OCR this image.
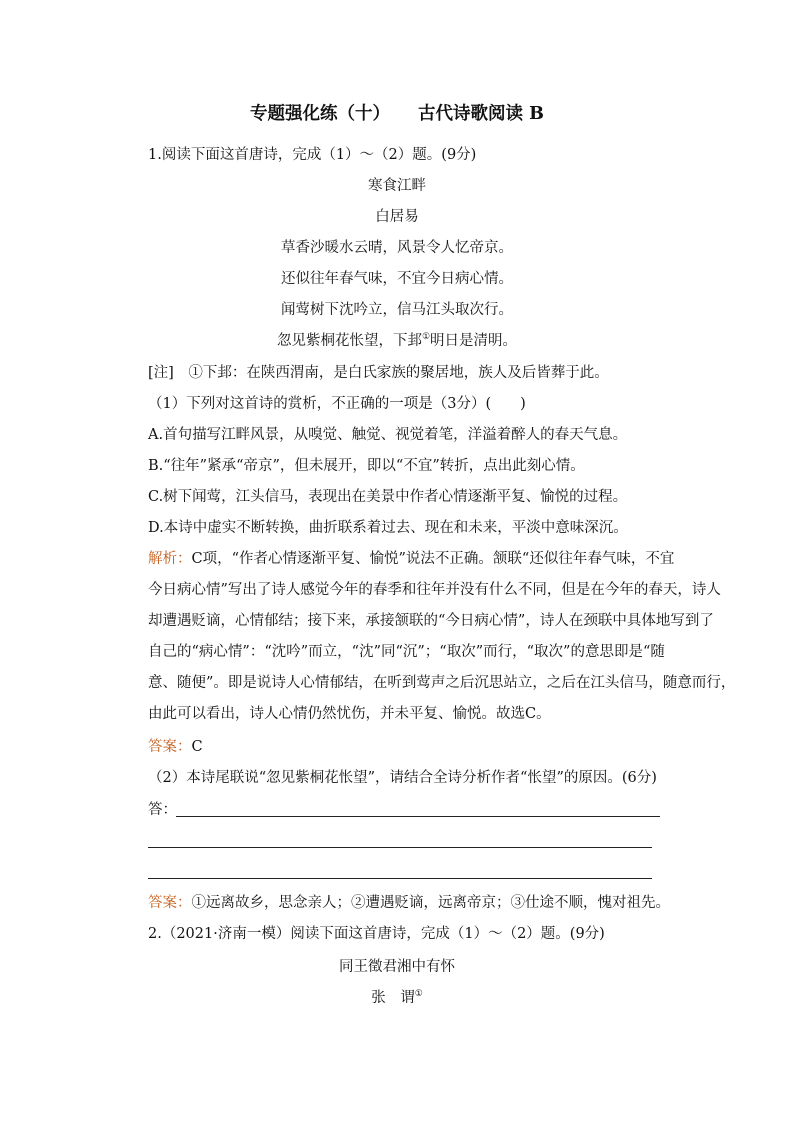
专题强化练（十） 古代诗歌阅读 B
1.阅读下面这首唐诗，完成（1）～（2）题。(9分)
寒食江畔
白居易
草香沙暖水云晴，风景令人忆帝京。
还似往年春气味，不宜今日病心情。
闻莺树下沈吟立，信马江头取次行。
忽见紫桐花怅望，下邽①明日是清明。
[注]　①下邽：在陕西渭南，是白氏家族的聚居地，族人及后皆葬于此。
（1）下列对这首诗的赏析，不正确的一项是（3分）(　　)
A.首句描写江畔风景，从嗅觉、触觉、视觉着笔，洋溢着醉人的春天气息。
B.“往年”紧承“帝京”，但未展开，即以“不宜”转折，点出此刻心情。
C.树下闻莺，江头信马，表现出在美景中作者心情逐渐平复、愉悦的过程。
D.本诗中虚实不断转换，曲折联系着过去、现在和未来，平淡中意味深沉。
解析：C项，“作者心情逐渐平复、愉悦”说法不正确。颔联“还似往年春气味，不宜
今日病心情”写出了诗人感觉今年的春季和往年并没有什么不同，但是在今年的春天，诗人
却遭遇贬谪，心情郁结；接下来，承接颔联的“今日病心情”，诗人在颈联中具体地写到了
自己的“病心情”：“沈吟”而立，“沈”同“沉”；“取次”而行，“取次”的意思即是“随
意、随便”。即是说诗人心情郁结，在听到莺声之后沉思站立，之后在江头信马，随意而行，
由此可以看出，诗人心情仍然忧伤，并未平复、愉悦。故选C。
答案：C
（2）本诗尾联说“忽见紫桐花怅望”，请结合全诗分析作者“怅望”的原因。(6分)
答：
答案：①远离故乡，思念亲人；②遭遇贬谪，远离帝京；③仕途不顺，愧对祖先。
2.（2021·济南一模）阅读下面这首唐诗，完成（1）～（2）题。(9分)
同王徵君湘中有怀
张　谓①
